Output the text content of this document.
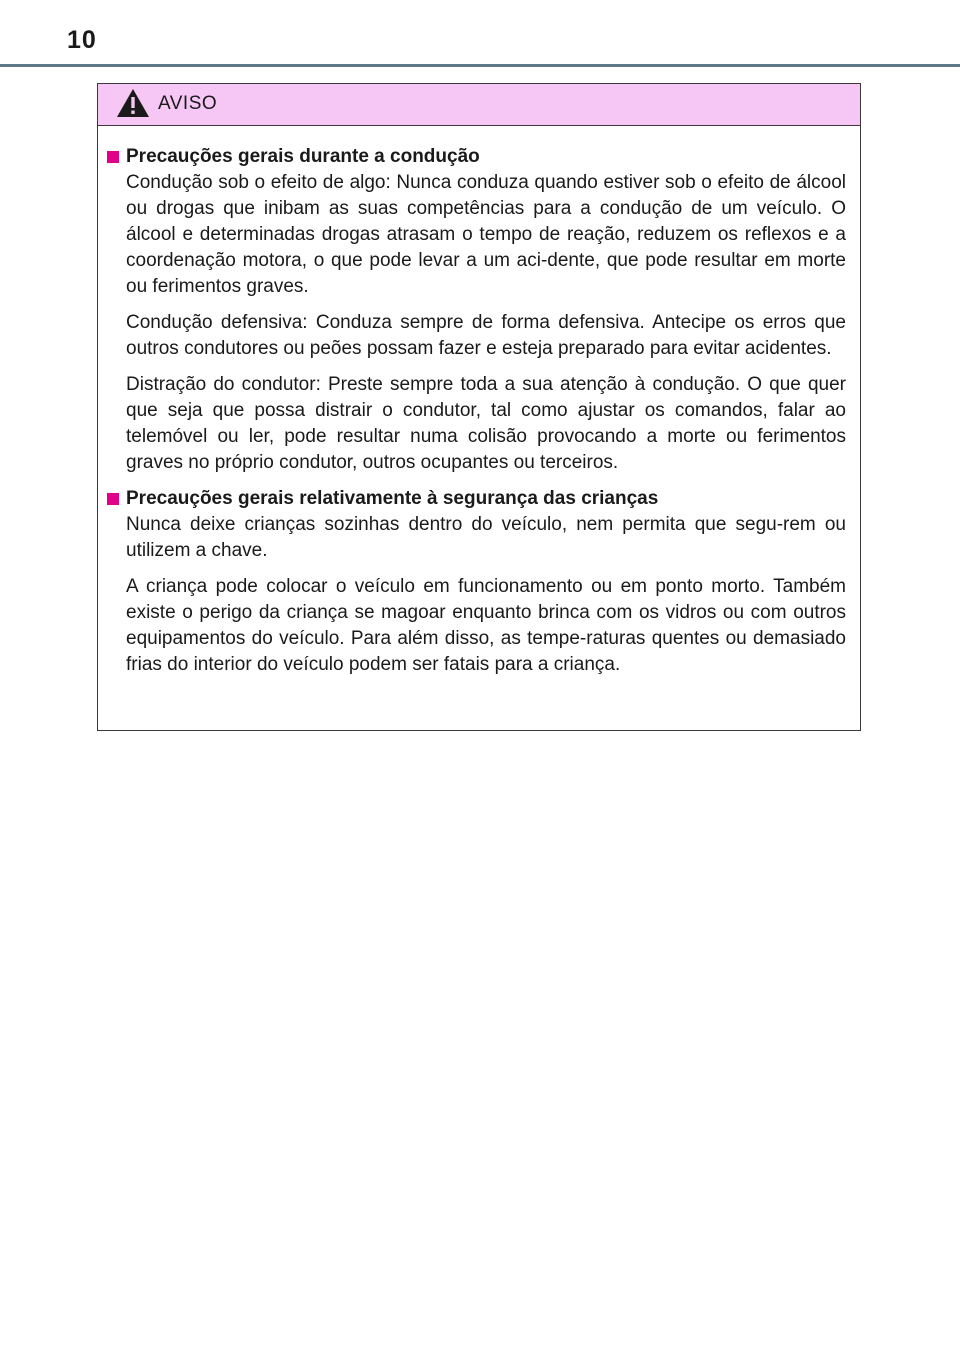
10
AVISO
Precauções gerais durante a condução

Condução sob o efeito de algo: Nunca conduza quando estiver sob o efeito de álcool ou drogas que inibam as suas competências para a condução de um veículo. O álcool e determinadas drogas atrasam o tempo de reação, reduzem os reflexos e a coordenação motora, o que pode levar a um aci-dente, que pode resultar em morte ou ferimentos graves.

Condução defensiva: Conduza sempre de forma defensiva. Antecipe os erros que outros condutores ou peões possam fazer e esteja preparado para evitar acidentes.

Distração do condutor: Preste sempre toda a sua atenção à condução. O que quer que seja que possa distrair o condutor, tal como ajustar os comandos, falar ao telemóvel ou ler, pode resultar numa colisão provocando a morte ou ferimentos graves no próprio condutor, outros ocupantes ou terceiros.

Precauções gerais relativamente à segurança das crianças

Nunca deixe crianças sozinhas dentro do veículo, nem permita que segu-rem ou utilizem a chave.

A criança pode colocar o veículo em funcionamento ou em ponto morto. Também existe o perigo da criança se magoar enquanto brinca com os vidros ou com outros equipamentos do veículo. Para além disso, as tempe-raturas quentes ou demasiado frias do interior do veículo podem ser fatais para a criança.
